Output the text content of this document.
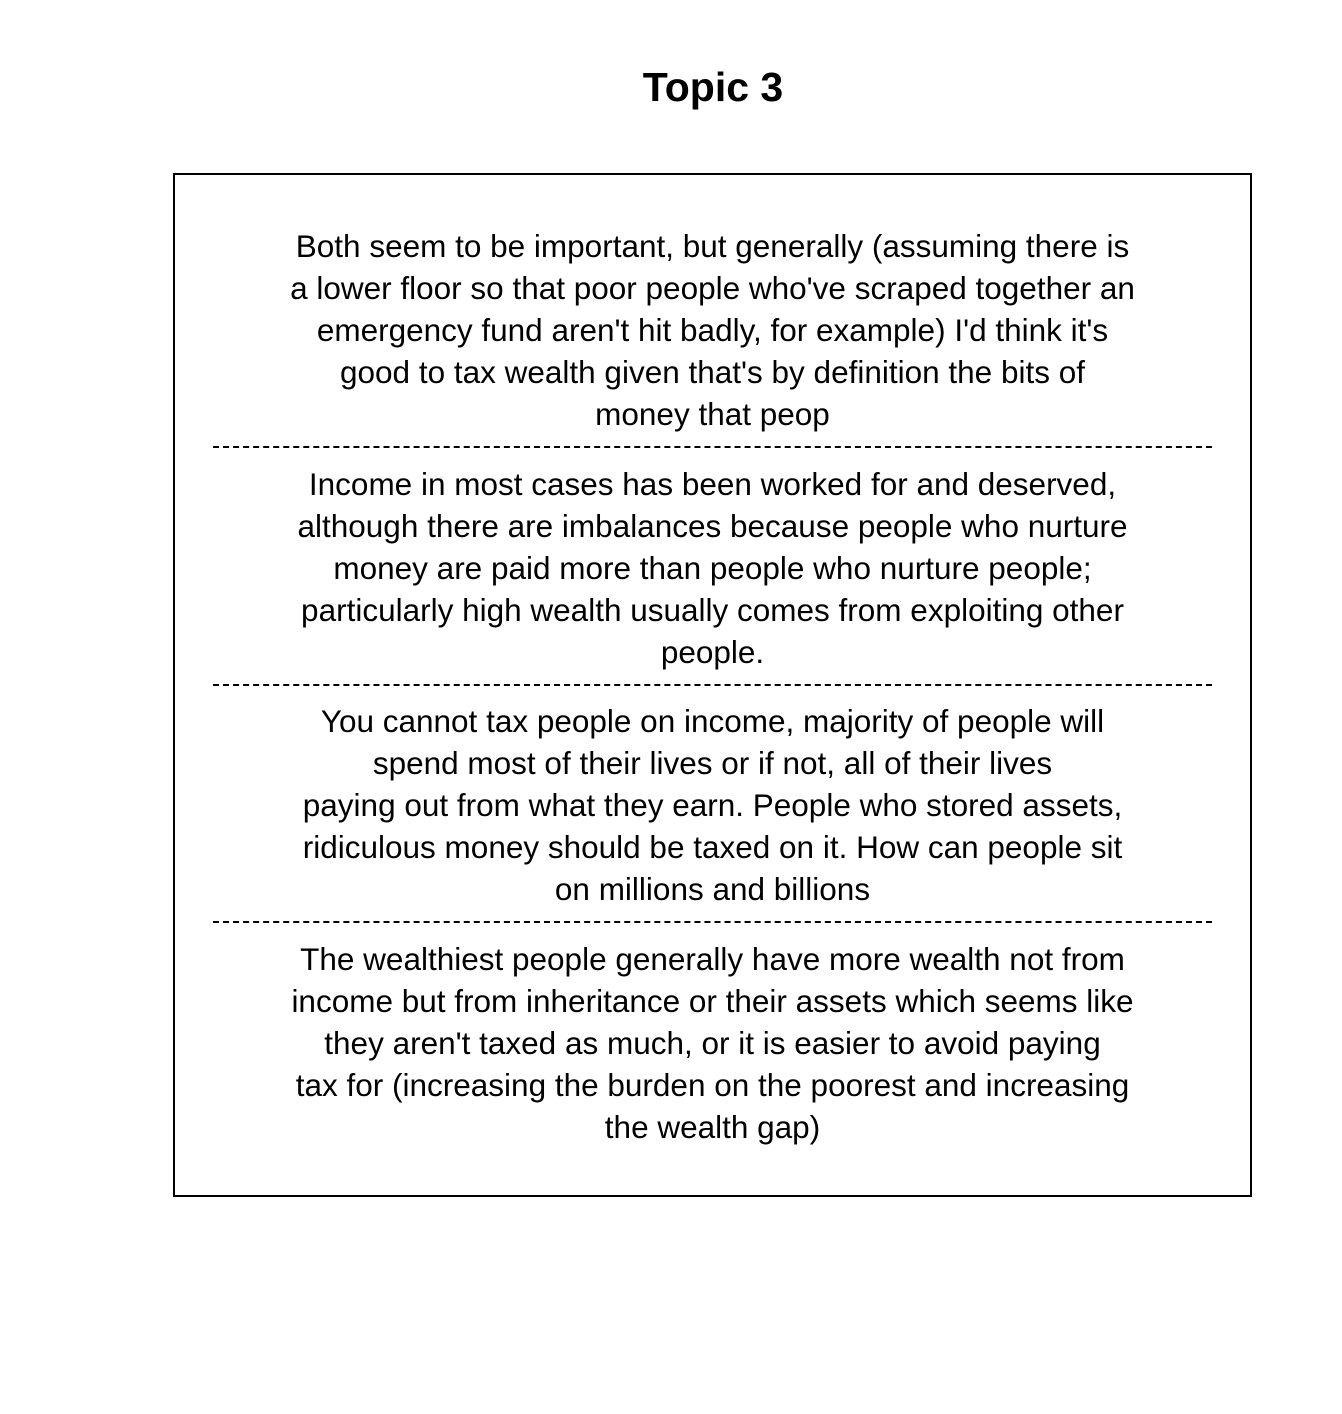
Topic 3
Both seem to be important, but generally (assuming there is
a lower floor so that poor people who've scraped together an
emergency fund aren't hit badly, for example) I'd think it's
good to tax wealth given that's by definition the bits of
money that peop
Income in most cases has been worked for and deserved,
although there are imbalances because people who nurture
money are paid more than people who nurture people;
particularly high wealth usually comes from exploiting other
people.
You cannot tax people on income, majority of people will
spend most of their lives or if not, all of their lives
paying out from what they earn. People who stored assets,
ridiculous money should be taxed on it. How can people sit
on millions and billions
The wealthiest people generally have more wealth not from
income but from inheritance or their assets which seems like
they aren't taxed as much, or it is easier to avoid paying
tax for (increasing the burden on the poorest and increasing
the wealth gap)
